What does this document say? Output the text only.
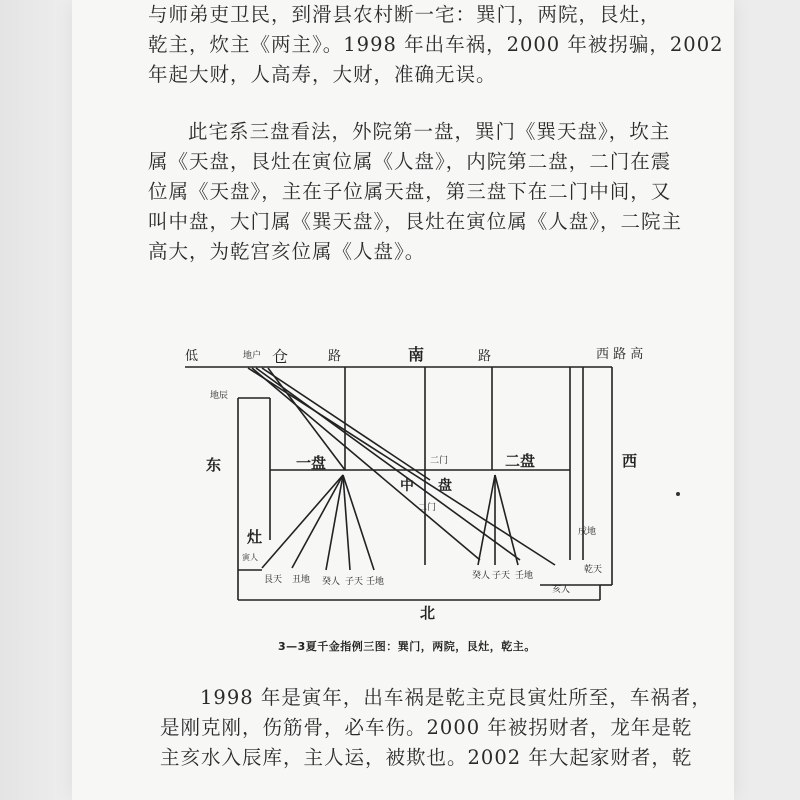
与师弟吏卫民，到滑县农村断一宅：巽门，两院，艮灶，
乾主，炊主《两主》。1998 年出车祸，2000 年被拐骗，2002
年起大财，人高寿，大财，准确无误。
此宅系三盘看法，外院第一盘，巽门《巽天盘》，坎主
属《天盘，艮灶在寅位属《人盘》，内院第二盘，二门在震
位属《天盘》，主在子位属天盘，第三盘下在二门中间，又
叫中盘，大门属《巽天盘》，艮灶在寅位属《人盘》，二院主
高大，为乾宫亥位属《人盘》。
低	地户 仓	路	南	路	西 路 高
地辰
东	西
一盘	二盘
中 盘
二门
二门
灶
寅人
艮天 丑地 癸人 子天 壬地
癸人 子天 壬地
戌地
乾天
亥人
北
3—3夏千金指例三图：巽门，两院，艮灶，乾主。
1998 年是寅年，出车祸是乾主克艮寅灶所至，车祸者，
是刚克刚，伤筋骨，必车伤。2000 年被拐财者，龙年是乾
主亥水入辰库，主人运，被欺也。2002 年大起家财者，乾
